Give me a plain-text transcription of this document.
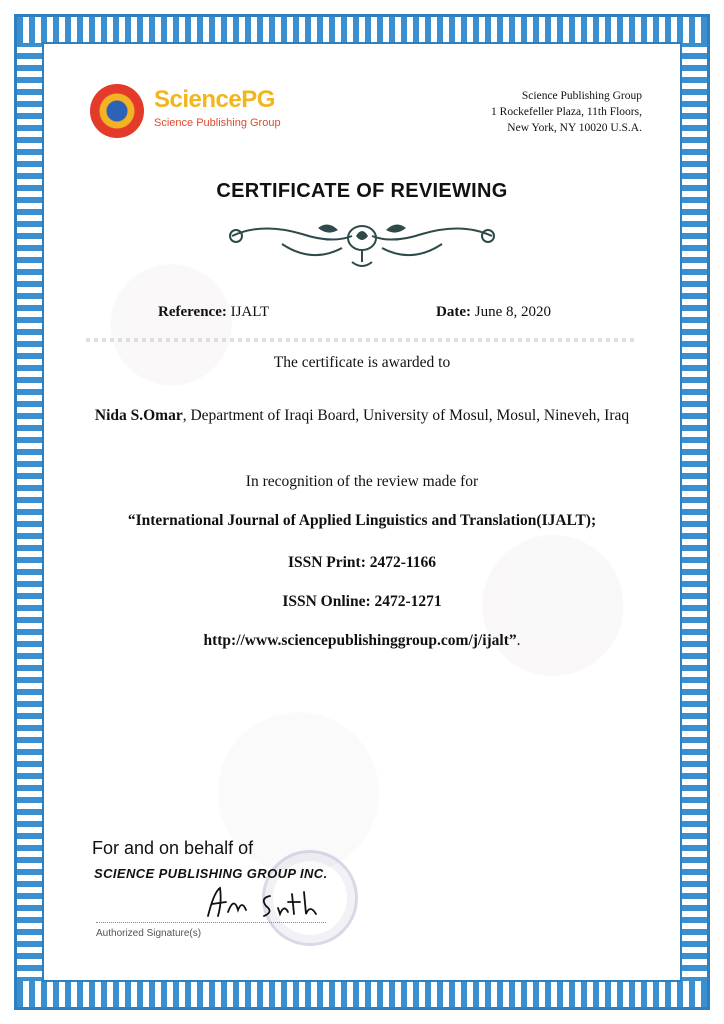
SciencePG
Science Publishing Group
Science Publishing Group
1 Rockefeller Plaza, 11th Floors,
New York, NY 10020 U.S.A.
CERTIFICATE OF REVIEWING
Reference: IJALT	Date: June 8, 2020
The certificate is awarded to
Nida S.Omar, Department of Iraqi Board, University of Mosul, Mosul, Nineveh, Iraq
In recognition of the review made for
“International Journal of Applied Linguistics and Translation(IJALT);
ISSN Print: 2472-1166
ISSN Online: 2472-1271
http://www.sciencepublishinggroup.com/j/ijalt”.
For and on behalf of
SCIENCE PUBLISHING GROUP INC.
Authorized Signature(s)
